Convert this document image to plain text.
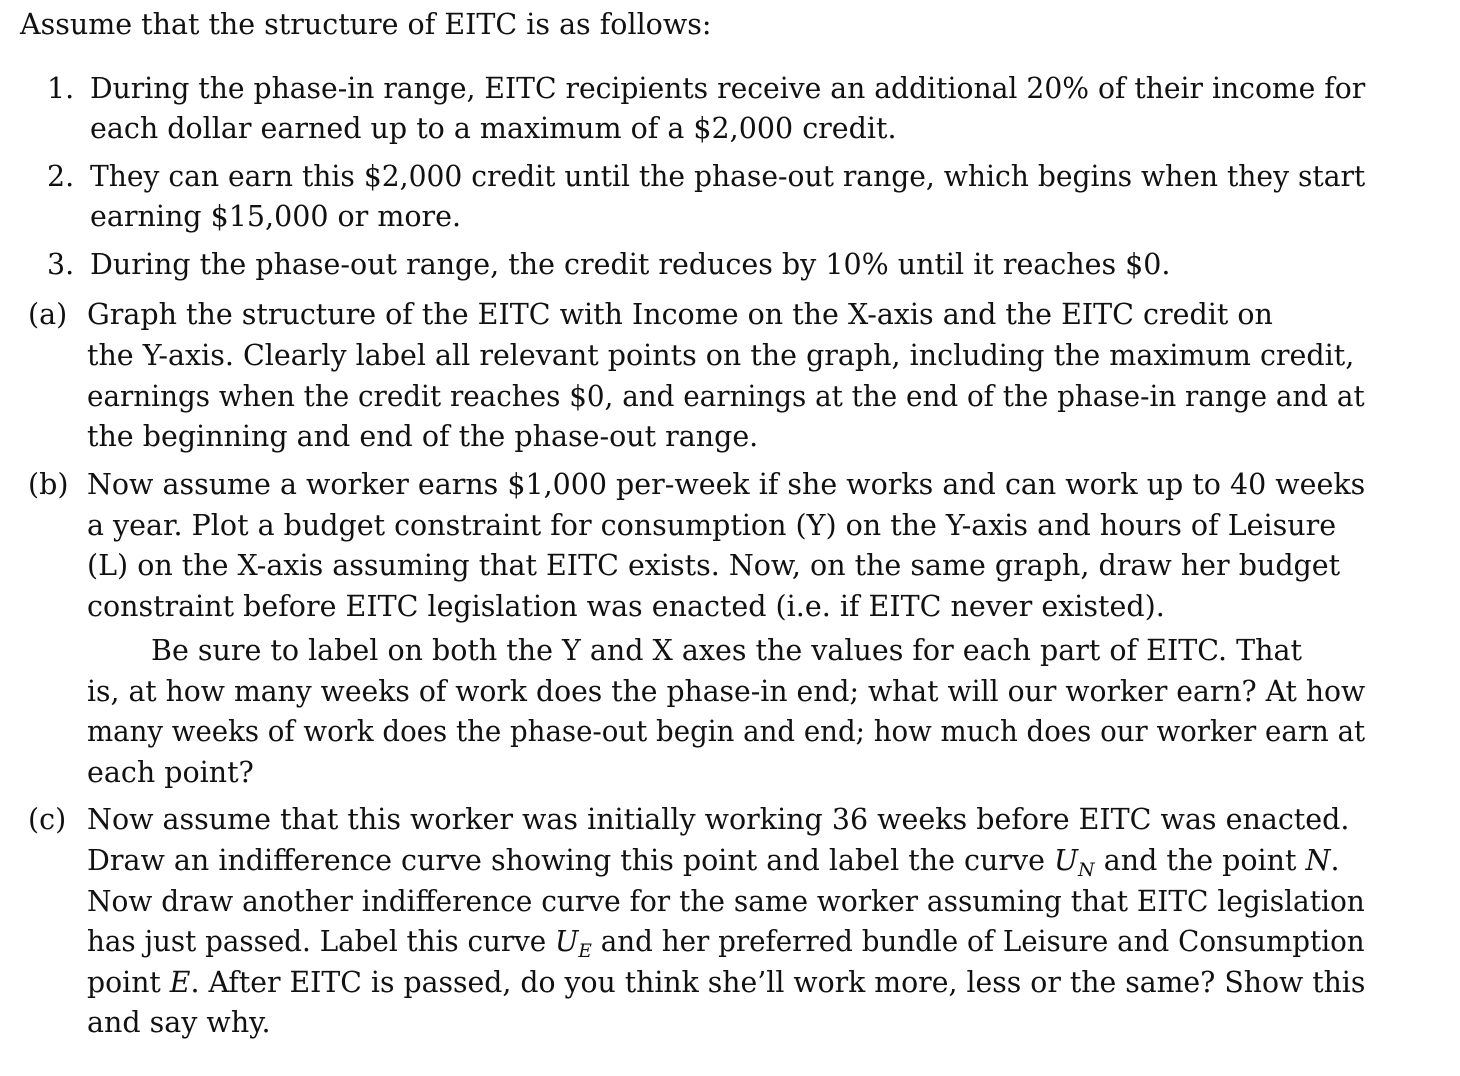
Assume that the structure of EITC is as follows:
1. During the phase-in range, EITC recipients receive an additional 20% of their income for
each dollar earned up to a maximum of a $2,000 credit.
2. They can earn this $2,000 credit until the phase-out range, which begins when they start
earning $15,000 or more.
3. During the phase-out range, the credit reduces by 10% until it reaches $0.
(a) Graph the structure of the EITC with Income on the X-axis and the EITC credit on
the Y-axis. Clearly label all relevant points on the graph, including the maximum credit,
earnings when the credit reaches $0, and earnings at the end of the phase-in range and at
the beginning and end of the phase-out range.
(b) Now assume a worker earns $1,000 per-week if she works and can work up to 40 weeks
a year. Plot a budget constraint for consumption (Y) on the Y-axis and hours of Leisure
(L) on the X-axis assuming that EITC exists. Now, on the same graph, draw her budget
constraint before EITC legislation was enacted (i.e. if EITC never existed).
Be sure to label on both the Y and X axes the values for each part of EITC. That
is, at how many weeks of work does the phase-in end; what will our worker earn? At how
many weeks of work does the phase-out begin and end; how much does our worker earn at
each point?
(c) Now assume that this worker was initially working 36 weeks before EITC was enacted.
Draw an indifference curve showing this point and label the curve $U_N$ and the point N.
Now draw another indifference curve for the same worker assuming that EITC legislation
has just passed. Label this curve $U_E$ and her preferred bundle of Leisure and Consumption
point E. After EITC is passed, do you think she’ll work more, less or the same? Show this
and say why.
